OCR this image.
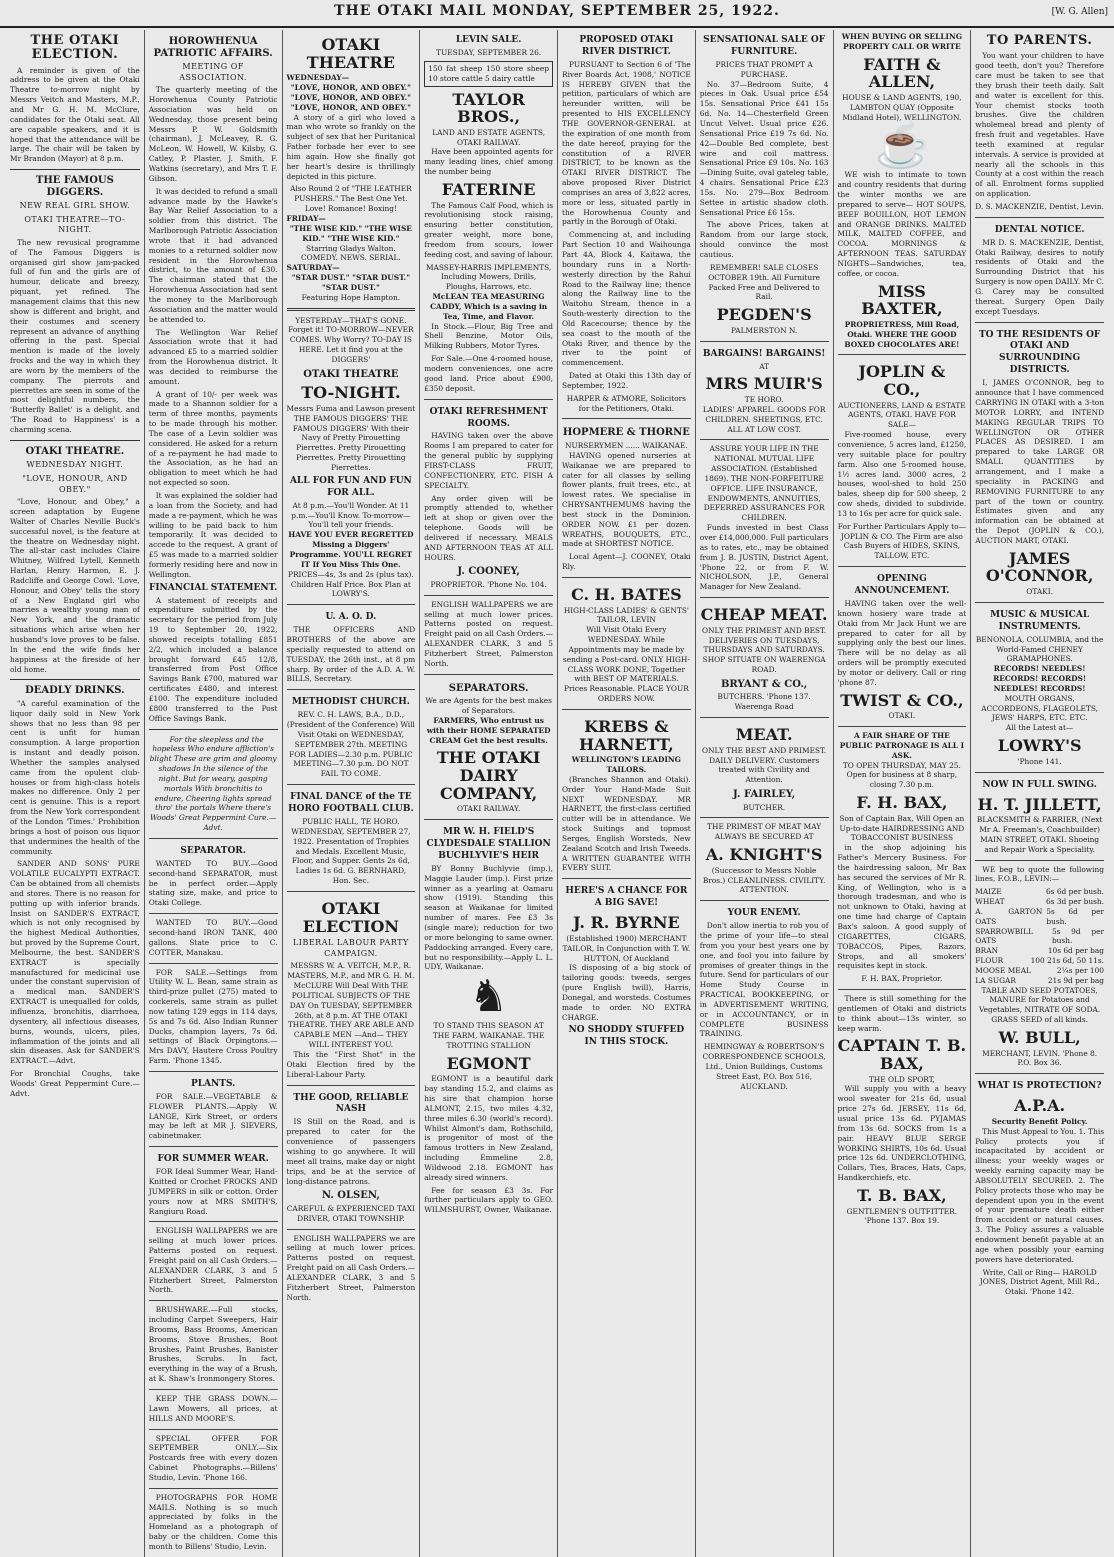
THE OTAKI MAIL MONDAY, SEPTEMBER 25, 1922.	[W. G. Allen]
THE OTAKI ELECTION.

A reminder is given of the address to be given at the Otaki Theatre to-morrow night by Messrs Veitch and Masters, M.P., and Mr G. H. M. McClure, candidates for the Otaki seat. All are capable speakers, and it is hoped that the attendance will be large. The chair will be taken by Mr Brandon (Mayor) at 8 p.m.

THE FAMOUS DIGGERS.
NEW REAL GIRL SHOW.
OTAKI THEATRE—TO-NIGHT.

The new revusical programme of The Famous Diggers is organised girl show jam-packed full of fun and the girls are of humour, delicate and breezy, piquant, yet refined. The management claims that this new show is different and bright, and their costumes and scenery represent an advance of anything offering in the past. Special mention is made of the lovely frocks and the way in which they are worn by the members of the company. The pierrots and pierrettes are seen in some of the most delightful numbers, the 'Butterfly Ballet' is a delight, and 'The Road to Happiness' is a charming scena.

OTAKI THEATRE.
WEDNESDAY NIGHT.
"LOVE, HONOUR, AND OBEY."

"Love, Honour, and Obey," a screen adaptation by Eugene Walter of Charles Neville Buck's successful novel, is the feature at the theatre on Wednesday night. The all-star cast includes Claire Whitney, Wilfred Lytell, Kenneth Harlan, Henry Harmon, E. J. Radcliffe and George Cowl. 'Love, Honour, and Obey' tells the story of a New England girl who marries a wealthy young man of New York, and the dramatic situations which arise when her husband's love proves to be false. In the end the wife finds her happiness at the fireside of her old home.

DEADLY DRINKS.

"A careful examination of the liquor daily sold in New York shows that no less than 98 per cent is unfit for human consumption. A large proportion is instant and deadly poison. Whether the samples analysed came from the opulent club-houses or from high-class hotels makes no difference. Only 2 per cent is genuine. This is a report from the New York correspondent of the London 'Times.' Prohibition brings a host of poison ous liquor that undermines the health of the community.

SANDER AND SONS' PURE VOLATILE EUCALYPTI EXTRACT. Can be obtained from all chemists and stores. There is no reason for putting up with inferior brands. Insist on SANDER'S EXTRACT, which is not only recognised by the highest Medical Authorities, but proved by the Supreme Court, Melbourne, the best. SANDER'S EXTRACT is specially manufactured for medicinal use under the constant supervision of a medical man. SANDER'S EXTRACT is unequalled for colds, influenza, bronchitis, diarrhoea, dysentery, all infectious diseases, burns, wounds, ulcers, piles, inflammation of the joints and all skin diseases. Ask for SANDER'S EXTRACT.—Advt.

For Bronchial Coughs, take Woods' Great Peppermint Cure.—Advt.

HOROWHENUA PATRIOTIC AFFAIRS.
MEETING OF ASSOCIATION.

The quarterly meeting of the Horowhenua County Patriotic Association was held on Wednesday, those present being Messrs P. W. Goldsmith (chairman), J. McLeavey, R. G. McLeon, W. Howell, W. Kilsby, G. Catley, P. Plaster, J. Smith, F. Watkins (secretary), and Mrs T. F. Gibson.

It was decided to refund a small advance made by the Hawke's Bay War Relief Association to a soldier from this district. The Marlborough Patriotic Association wrote that it had advanced monies to a returned soldier now resident in the Horowhenua district, to the amount of £30. The chairman stated that the Horowhenua Association had sent the money to the Marlborough Association and the matter would be attended to.

The Wellington War Relief Association wrote that it had advanced £5 to a married soldier from the Horowhenua district. It was decided to reimburse the amount.

A grant of 10/- per week was made to a Shannon soldier for a term of three months, payments to be made through his mother. The case of a Levin soldier was considered. He asked for a return of a re-payment he had made to the Association, as he had an obligation to meet which he had not expected so soon.

It was explained the soldier had a loan from the Society, and had made a re-payment, which he was willing to be paid back to him temporarily. It was decided to accede to the request. A grant of £5 was made to a married soldier formerly residing here and now in Wellington.

FINANCIAL STATEMENT.

A statement of receipts and expenditure submitted by the secretary for the period from July 19 to September 20, 1922, showed receipts totalling £851 2/2, which included a balance brought forward £45 12/8, transferred from Post Office Savings Bank £700, matured war certificates £480, and interest £100. The expenditure included £800 transferred to the Post Office Savings Bank.

For the sleepless and the hopeless Who endure affliction's blight These are grim and gloomy shadows In the silence of the night. But for weary, gasping mortals With bronchitis to endure, Cheering lights spread thro' the portals Where there's Woods' Great Peppermint Cure.—Advt.

SEPARATOR.

WANTED TO BUY.—Good second-hand SEPARATOR, must be in perfect order.—Apply stating size, make, and price to Otaki College.

WANTED TO BUY.—Good second-hand IRON TANK, 400 gallons. State price to C. COTTER, Manakau.

FOR SALE.—Settings from Utility W. L. Bean, same strain as third-prize pullet (275) mated to cockerels, same strain as pullet now tating 129 eggs in 114 days, 5s and 7s 6d. Also Indian Runner Ducks, champion layers, 7s 6d. settings of Black Orpingtons.—Mrs DAVY, Hautere Cross Poultry Farm. 'Phone 1345.

PLANTS.

FOR SALE.—VEGETABLE & FLOWER PLANTS.—Apply W. LANGE, Kirk Street, or orders may be left at MR J. SIEVERS, cabinetmaker.

FOR SUMMER WEAR.

FOR Ideal Summer Wear, Hand-Knitted or Crochet FROCKS AND JUMPERS in silk or cotton. Order yours now at MRS SMITH'S, Rangiuru Road.

ENGLISH WALLPAPERS we are selling at much lower prices. Patterns posted on request. Freight paid on all Cash Orders.—ALEXANDER CLARK, 3 and 5 Fitzherbert Street, Palmerston North.

BRUSHWARE.—Full stocks, including Carpet Sweepers, Hair Brooms, Bass Brooms, American Brooms, Stove Brushes, Boot Brushes, Paint Brushes, Banister Brushes, Scrubs. In fact, everything in the way of a Brush, at K. Shaw's Ironmongery Stores.

KEEP THE GRASS DOWN.—Lawn Mowers, all prices, at HILLS AND MOORE'S.

SPECIAL OFFER FOR SEPTEMBER ONLY.—Six Postcards free with every dozen Cabinet Photographs.—Billens' Studio, Levin. 'Phone 166.

PHOTOGRAPHS FOR HOME MAILS. Nothing is so much appreciated by folks in the Homeland as a photograph of baby or the children. Come this month to Billens' Studio, Levin.

OTAKI THEATRE
WEDNESDAY—
"LOVE, HONOR, AND OBEY." "LOVE, HONOR, AND OBEY." "LOVE, HONOR, AND OBEY."

A story of a girl who loved a man who wrote so frankly on the subject of sex that her Puritanical Father forbade her ever to see him again. How she finally got her heart's desire is thrillingly depicted in this picture.

Also Round 2 of "THE LEATHER PUSHERS." The Best One Yet. Love! Romance! Boxing!
FRIDAY—
"THE WISE KID." "THE WISE KID." "THE WISE KID."
Starring Gladys Walton. COMEDY. NEWS. SERIAL.
SATURDAY—
"STAR DUST." "STAR DUST." "STAR DUST."
Featuring Hope Hampton.
YESTERDAY—THAT'S GONE. Forget it! TO-MORROW—NEVER COMES. Why Worry? TO-DAY IS HERE. Let it find you at the DIGGERS'
OTAKI THEATRE
TO-NIGHT.
Messrs Fuma and Lawson present THE FAMOUS DIGGERS' THE FAMOUS DIGGERS' With their Navy of Pretty Pirouetting Pierrettes. Pretty Pirouetting Pierrettes. Pretty Pirouetting Pierrettes.
ALL FOR FUN AND FUN FOR ALL.
At 8 p.m.—You'll Wonder. At 11 p.m.—You'll Know. To-morrow—You'll tell your friends.
HAVE YOU EVER REGRETTED Missing a Diggers' Programme. YOU'LL REGRET IT If You Miss This One.
PRICES—4s, 3s and 2s (plus tax). Children Half Price. Box Plan at LOWRY'S.
U. A. O. D.

THE OFFICERS AND BROTHERS of the above are specially requested to attend on TUESDAY, the 26th inst., at 8 pm sharp. By order of the A.D. A. W. BILLS, Secretary.

METHODIST CHURCH.
REV. C. H. LAWS, B.A., D.D., (President of the Conference) Will Visit Otaki on WEDNESDAY, SEPTEMBER 27th. MEETING FOR LADIES—2.30 p.m. PUBLIC MEETING—7.30 p.m. DO NOT FAIL TO COME.
FINAL DANCE of the TE HORO FOOTBALL CLUB.
PUBLIC HALL, TE HORO. WEDNESDAY, SEPTEMBER 27, 1922. Presentation of Trophies and Medals. Excellent Music, Floor, and Supper. Gents 2s 6d, Ladies 1s 6d. G. BERNHARD, Hon. Sec.
OTAKI ELECTION
LIBERAL LABOUR PARTY CAMPAIGN.
MESSRS W. A. VEITCH, M.P., R. MASTERS, M.P., and MR G. H. M. McCLURE Will Deal With THE POLITICAL SUBJECTS OF THE DAY On TUESDAY, SEPTEMBER 26th, at 8 p.m. AT THE OTAKI THEATRE. THEY ARE ABLE AND CAPABLE MEN —And— THEY WILL INTEREST YOU.

This the "First Shot" in the Otaki Election fired by the Liberal-Labour Party.

THE GOOD, RELIABLE NASH

IS Still on the Road, and is prepared to cater for the convenience of passengers wishing to go anywhere. It will meet all trains, make day or night trips, and be at the service of long-distance patrons.

N. OLSEN,
CAREFUL & EXPERIENCED TAXI DRIVER, OTAKI TOWNSHIP.

ENGLISH WALLPAPERS we are selling at much lower prices. Patterns posted on request. Freight paid on all Cash Orders.—ALEXANDER CLARK, 3 and 5 Fitzherbert Street, Palmerston North.

LEVIN SALE.
TUESDAY, SEPTEMBER 26.
150 fat sheep 150 store sheep 10 store cattle 5 dairy cattle
TAYLOR BROS.,
LAND AND ESTATE AGENTS, OTAKI RAILWAY.

Have been appointed agents for many leading lines, chief among the number being

FATERINE

The Famous Calf Food, which is revolutionising stock raising, ensuring better constitution, greater weight, more bone, freedom from scours, lower feeding cost, and saving of labour.

MASSEY-HARRIS IMPLEMENTS, Including Mowers, Drills, Ploughs, Harrows, etc.
McLEAN TEA MEASURING CADDY, Which is a saving in Tea, Time, and Flavor.

In Stock.—Flour, Big Tree and Shell Benzine, Motor Oils, Milking Rubbers, Motor Tyres.

For Sale.—One 4-roomed house, modern conveniences, one acre good land. Price about £900, £350 deposit.

OTAKI REFRESHMENT ROOMS.

HAVING taken over the above Rooms I am prepared to cater for the general public by supplying FIRST-CLASS FRUIT, CONFECTIONERY, ETC. FISH A SPECIALTY.

Any order given will be promptly attended to, whether left at shop or given over the telephone. Goods will be delivered if necessary. MEALS AND AFTERNOON TEAS AT ALL HOURS.

J. COONEY,
PROPRIETOR. 'Phone No. 104.

ENGLISH WALLPAPERS we are selling at much lower prices. Patterns posted on request. Freight paid on all Cash Orders.—ALEXANDER CLARK, 3 and 5 Fitzherbert Street, Palmerston North.

SEPARATORS.
We are Agents for the best makes of Separators.
FARMERS, Who entrust us with their HOME SEPARATED CREAM Get the best results.
THE OTAKI DAIRY COMPANY,
OTAKI RAILWAY.
MR W. H. FIELD'S CLYDESDALE STALLION BUCHLYVIE'S HEIR

BY Bonny Buchlyvie (imp.), Maggie Lauder (imp.). First prize winner as a yearling at Oamaru show (1919). Standing this season at Waikanae for limited number of mares. Fee £3 3s (single mare); reduction for two or more belonging to same owner. Paddocking arranged. Every care, but no responsibility.—Apply L. L. UDY, Waikanae.

♞
TO STAND THIS SEASON AT THE FARM, WAIKANAE. THE TROTTING STALLION
EGMONT

EGMONT is a beautiful dark bay standing 15.2, and claims as his sire that champion horse ALMONT, 2.15, two miles 4.32, three miles 6.30 (world's record). Whilst Almont's dam, Rothschild, is progenitor of most of the famous trotters in New Zealand, including Emmeline 2.8, Wildwood 2.18. EGMONT has already sired winners.

Fee for season £3 3s. For further particulars apply to GEO. WILMSHURST, Owner, Waikanae.

PROPOSED OTAKI RIVER DISTRICT.

PURSUANT to Section 6 of 'The River Boards Act, 1908,' NOTICE IS HEREBY GIVEN that the petition, particulars of which are hereunder written, will be presented to HIS EXCELLENCY THE GOVERNOR-GENERAL at the expiration of one month from the date hereof, praying for the constitution of a RIVER DISTRICT, to be known as the OTAKI RIVER DISTRICT. The above proposed River District comprises an area of 3,822 acres, more or less, situated partly in the Horowhenua County and partly in the Borough of Otaki.

Commencing at, and including Part Section 10 and Waihounga Part 4A, Block 4, Kaitawa, the boundary runs in a North-westerly direction by the Rahui Road to the Railway line; thence along the Railway line to the Waitohu Stream, thence in a South-westerly direction to the Old Racecourse; thence by the sea coast to the mouth of the Otaki River, and thence by the river to the point of commencement.

Dated at Otaki this 13th day of September, 1922.

HARPER & ATMORE, Solicitors for the Petitioners, Otaki.
HOPMERE & THORNE
NURSERYMEN ...... WAIKANAE.

HAVING opened nurseries at Waikanae we are prepared to cater for all classes by selling flower plants, fruit trees, etc., at lowest rates. We specialise in CHRYSANTHEMUMS having the best stock in the Dominion. ORDER NOW. £1 per dozen. WREATHS, BOUQUETS, ETC., made at SHORTEST NOTICE.

Local Agent—J. COONEY, Otaki Rly.

C. H. BATES
HIGH-CLASS LADIES' & GENTS' TAILOR, LEVIN
Will Visit Otaki Every WEDNESDAY. While Appointments may be made by sending a Post-card. ONLY HIGH-CLASS WORK DONE, Together with BEST OF MATERIALS. Prices Reasonable. PLACE YOUR ORDERS NOW.
KREBS & HARNETT,
WELLINGTON'S LEADING TAILORS.

(Branches Shannon and Otaki). Order Your Hand-Made Suit NEXT WEDNESDAY. MR HARNETT, the first-class certified cutter will be in attendance. We stock Suitings and topmost Serges, English Worsteds, New Zealand Scotch and Irish Tweeds. A WRITTEN GUARANTEE WITH EVERY SUIT.

HERE'S A CHANCE FOR A BIG SAVE!
J. R. BYRNE
(Established 1900) MERCHANT TAILOR, In Conjunction with T. W. HUTTON, Of Auckland

IS disposing of a big stock of tailoring goods: tweeds, serges (pure English twill), Harris, Donegal, and worsteds. Costumes made to order. NO EXTRA CHARGE.

NO SHODDY STUFFED IN THIS STOCK.
SENSATIONAL SALE OF FURNITURE.
PRICES THAT PROMPT A PURCHASE.

No. 37—Bedroom Suite, 4 pieces in Oak. Usual price £54 15s. Sensational Price £41 15s 6d. No. 14—Chesterfield Green Uncut Velvet. Usual price £26. Sensational Price £19 7s 6d. No. 42—Double Bed complete, best wire and coil mattress. Sensational Price £9 10s. No. 163—Dining Suite, oval gateleg table, 4 chairs. Sensational Price £23 15s. No. 279—Box Bedroom Settee in artistic shadow cloth. Sensational Price £6 15s.

The above Prices, taken at Random from our large stock, should convince the most cautious.

REMEMBER! SALE CLOSES OCTOBER 19th. All Furniture Packed Free and Delivered to Rail.
PEGDEN'S
PALMERSTON N.
BARGAINS! BARGAINS!
AT
MRS MUIR'S
TE HORO.
LADIES' APPAREL. GOODS FOR CHILDREN. SHEETINGS, ETC. ALL AT LOW COST.
ASSURE YOUR LIFE IN THE NATIONAL MUTUAL LIFE ASSOCIATION. (Established 1869). THE NON-FORFEITURE OFFICE. LIFE INSURANCE, ENDOWMENTS, ANNUITIES, DEFERRED ASSURANCES FOR CHILDREN.

Funds invested in best Class over £14,000,000. Full particulars as to rates, etc., may be obtained from J. B. JUSTIN, District Agent, 'Phone 22, or from F. W. NICHOLSON, J.P., General Manager for New Zealand.

CHEAP MEAT.
ONLY THE PRIMEST AND BEST.
DELIVERIES ON TUESDAYS, THURSDAYS AND SATURDAYS. SHOP SITUATE ON WAERENGA ROAD.
BRYANT & CO.,
BUTCHERS. 'Phone 137. Waerenga Road
MEAT.
ONLY THE BEST AND PRIMEST. DAILY DELIVERY. Customers treated with Civility and Attention.
J. FAIRLEY,
BUTCHER.
THE PRIMEST OF MEAT MAY ALWAYS BE SECURED AT
A. KNIGHT'S
(Successor to Messrs Noble Bros.) CLEANLINESS. CIVILITY. ATTENTION.
YOUR ENEMY.

Don't allow inertia to rob you of the prime of your life—to steal from you your best years one by one, and fool you into failure by promises of greater things in the future. Send for particulars of our Home Study Course in PRACTICAL BOOKKEEPING, or in ADVERTISEMENT WRITING, or in ACCOUNTANCY, or in COMPLETE BUSINESS TRAINING.

HEMINGWAY & ROBERTSON'S CORRESPONDENCE SCHOOLS, Ltd., Union Buildings, Customs Street East, P.O. Box 516, AUCKLAND.
WHEN BUYING OR SELLING PROPERTY CALL OR WRITE
FAITH & ALLEN,
HOUSE & LAND AGENTS, 190, LAMBTON QUAY (Opposite Midland Hotel), WELLINGTON.
☕

WE wish to intimate to town and country residents that during the winter months we are prepared to serve— HOT SOUPS, BEEF BOUILLON, HOT LEMON and ORANGE DRINKS. MALTED MILK, MALTED COFFEE, and COCOA. MORNINGS & AFTERNOON TEAS. SATURDAY NIGHTS—Sandwiches, tea, coffee, or cocoa.

MISS BAXTER,
PROPRIETRESS, Mill Road, Otaki. WHERE THE GOOD BOXED CHOCOLATES ARE!
JOPLIN & CO.,
AUCTIONEERS, LAND & ESTATE AGENTS, OTAKI. HAVE FOR SALE—

Five-roomed house, every convenience, 5 acres land, £1250, very suitable place for poultry farm. Also one 5-roomed house, 1½ acres land. 3000 acres, 2 houses, wool-shed to hold 250 bales, sheep dip for 500 sheep, 2 cow sheds, divided to subdivide. 13 to 16s per acre for quick sale.

For Further Particulars Apply to— JOPLIN & CO. The Firm are also Cash Buyers of HIDES, SKINS, TALLOW, ETC.
OPENING ANNOUNCEMENT.

HAVING taken over the well-known hosiery ware trade at Otaki from Mr Jack Hunt we are prepared to cater for all by supplying only the best our lines. There will be no delay as all orders will be promptly executed by motor or delivery. Call or ring 'phone 87.

TWIST & CO.,
OTAKI.
A FAIR SHARE OF THE PUBLIC PATRONAGE IS ALL I ASK.
TO OPEN THURSDAY, MAY 25. Open for business at 8 sharp, closing 7.30 p.m.
F. H. BAX,
Son of Captain Bax, Will Open an Up-to-date HAIRDRESSING AND TOBACCONIST BUSINESS

in the shop adjoining his Father's Mercery Business. For the hairdressing saloon, Mr Bax has secured the services of Mr R. King, of Wellington, who is a thorough tradesman, and who is not unknown to Otaki, having at one time had charge of Captain Bax's saloon. A good supply of CIGARETTES, CIGARS, TOBACCOS, Pipes, Razors, Strops, and all smokers' requisites kept in stock.

F. H. BAX, Proprietor.

There is still something for the gentlemen of Otaki and districts to think about—13s winter, so keep warm.

CAPTAIN T. B. BAX,
THE OLD SPORT,

Will supply you with a heavy wool sweater for 21s 6d, usual price 27s 6d. JERSEY, 11s 6d, usual price 13s 6d. PYJAMAS from 13s 6d. SOCKS from 1s a pair. HEAVY BLUE SERGE WORKING SHIRTS, 10s 6d. Usual price 12s 6d. UNDERCLOTHING, Collars, Ties, Braces, Hats, Caps, Handkerchiefs, etc.

T. B. BAX,
GENTLEMEN'S OUTFITTER. 'Phone 137. Box 19.
TO PARENTS.

You want your children to have good teeth, don't you? Therefore care must be taken to see that they brush their teeth daily. Salt and water is excellent for this. Your chemist stocks tooth brushes. Give the children wholemeal bread and plenty of fresh fruit and vegetables. Have teeth examined at regular intervals. A service is provided at nearly all the schools in this County at a cost within the reach of all. Enrolment forms supplied on application.

D. S. MACKENZIE, Dentist, Levin.
DENTAL NOTICE.

MR D. S. MACKENZIE, Dentist, Otaki Railway, desires to notify residents of Otaki and the Surrounding District that his Surgery is now open DAILY. Mr C. G. Carey may be consulted thereat. Surgery Open Daily except Tuesdays.

TO THE RESIDENTS OF OTAKI AND SURROUNDING DISTRICTS.

I, JAMES O'CONNOR, beg to announce that I have commenced CARRYING IN OTAKI with a 3-ton MOTOR LORRY, and INTEND MAKING REGULAR TRIPS TO WELLINGTON OR OTHER PLACES AS DESIRED. I am prepared to take LARGE OR SMALL QUANTITIES by arrangement, and I make a speciality in PACKING and REMOVING FURNITURE to any part of the town or country. Estimates given and any information can be obtained at the Depot (JOPLIN & CO.), AUCTION MART, OTAKI.

JAMES O'CONNOR,
OTAKI.
MUSIC & MUSICAL INSTRUMENTS.
BENONOLA, COLUMBIA, and the World-Famed CHENEY GRAMAPHONES.
RECORDS! NEEDLES! RECORDS! RECORDS! NEEDLES! RECORDS!
MOUTH ORGANS, ACCORDEONS, FLAGEOLETS, JEWS' HARPS, ETC. ETC.
All the Latest at—
LOWRY'S
'Phone 141.
NOW IN FULL SWING.
H. T. JILLETT,
BLACKSMITH & FARRIER, (Next Mr A. Freeman's, Coachbuilder) MAIN STREET, OTAKI. Shoeing and Repair Work a Speciality.

WE beg to quote the following lines, F.O.B., LEVIN:—

MAIZE	6s 6d per bush.
WHEAT	6s 3d per bush.
A. GARTON OATS
5s 6d per bush.
SPARROWBILL OATS
5s 9d per bush.
BRAN	10s 6d per bag
FLOUR	100 21s 6d, 50 11s.
MOOSE MEAL	2¼s per 100
LA SUGAR	21s 9d per bag
TABLE AND SEED POTATOES, MANURE for Potatoes and Vegetables, NITRATE OF SODA. GRASS SEED of all kinds.
W. BULL,
MERCHANT, LEVIN. 'Phone 8. P.O. Box 36.
WHAT IS PROTECTION?
A.P.A.
Security Benefit Policy.

This Must Appeal to You. 1. This Policy protects you if incapacitated by accident or illness; your weekly wages or weekly earning capacity may be ABSOLUTELY SECURED. 2. The Policy protects those who may be dependent upon you in the event of your premature death either from accident or natural causes. 3. The Policy assures a valuable endowment benefit payable at an age when possibly your earning powers have deteriorated.

Write, Call or Ring— HAROLD JONES, District Agent, Mill Rd., Otaki. 'Phone 142.
